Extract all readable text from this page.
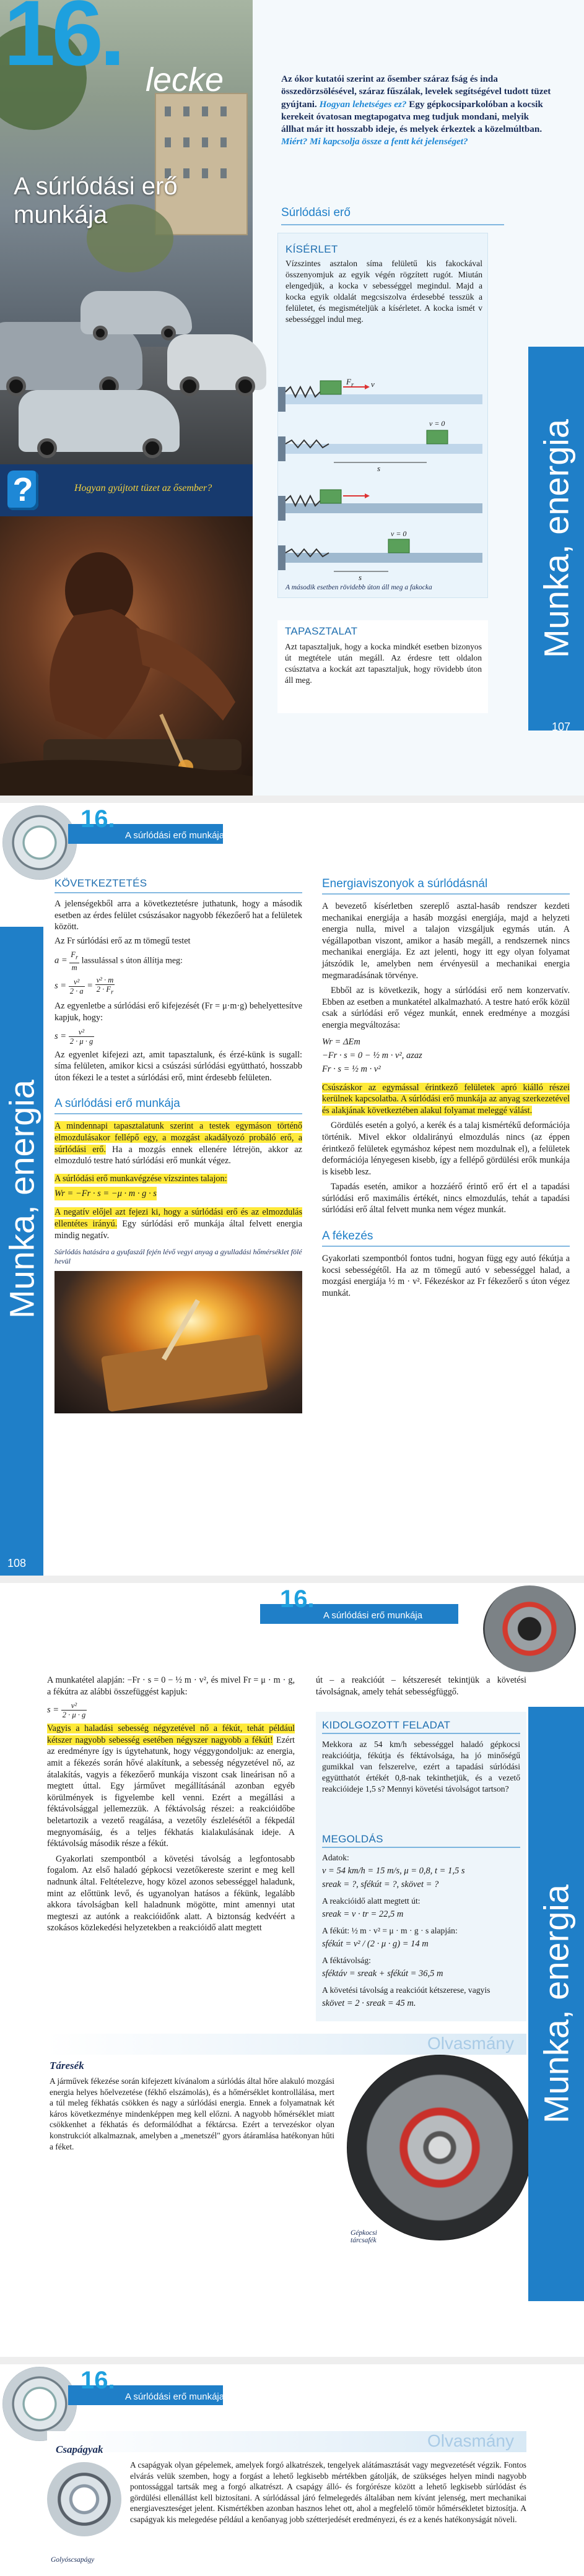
16. lecke
A súrlódási erő
munkája
?	Hogyan gyújtott tüzet az ősember?
Az ókor kutatói szerint az ősember száraz fság és inda összedörzsölésével, száraz fűszálak, levelek segítségével tudott tüzet gyújtani. Hogyan lehetséges ez? Egy gépkocsiparkolóban a kocsik kerekeit óvatosan megtapogatva meg tudjuk mondani, melyik állhat már itt hosszabb ideje, és melyek érkeztek a közelmúltban. Miért? Mi kapcsolja össze a fentt két jelenséget?
Súrlódási erő
KÍSÉRLET
Vízszintes asztalon síma felületű kis fakockával összenyomjuk az egyik végén rögzített rugót. Miután elengedjük, a kocka v sebességgel megindul. Majd a kocka egyik oldalát megcsiszolva érdesebbé tesszük a felületet, és megismételjük a kísérletet. A kocka ismét v sebességgel indul meg.
$F_r$ v
v = 0
s
v = 0
s
A második esetben rövidebb úton áll meg a fakocka
TAPASZTALAT
Azt tapasztaljuk, hogy a kocka mindkét esetben bizonyos út megtétele után megáll. Az érdesre tett oldalon csúsztatva a kockát azt tapasztaljuk, hogy rövidebb úton áll meg.
Munka, energia
107
16.
A súrlódási erő munkája
Munka, energia
108
KÖVETKEZTETÉS

A jelenségekből arra a következtetésre juthatunk, hogy a második esetben az érdes felület csúszásakor nagyobb fékezőerő hat a felületek között.

Az Fr súrlódási erő az m tömegű testet

$a = \frac{F_r}{m}$ lassulással s úton állítja meg:
$s = \frac{\text{v²}}{2 \cdot a} = \frac{\text{v² · m}}{2 \cdot F_r}$

Az egyenletbe a súrlódási erő kifejezését (Fr = μ·m·g) behelyettesítve kapjuk, hogy:

$s = \frac{\text{v²}}{2 \cdot \mu \cdot g}$

Az egyenlet kifejezi azt, amit tapasztalunk, és érzé-künk is sugall: síma felületen, amikor kicsi a csúszási súrlódási együttható, hosszabb úton fékezi le a testet a súrlódási erő, mint érdesebb felületen.

A súrlódási erő munkája

A mindennapi tapasztalatunk szerint a testek egymáson történő elmozdulásakor fellépő egy, a mozgást akadályozó probáló erő, a súrlódási erő. Ha a mozgás ennek ellenére létrejön, akkor az elmozduló testre ható súrlódási erő munkát végez.

A súrlódási erő munkavégzése vízszintes talajon:

Wr = −Fr · s = −μ · m · g · s

A negatív előjel azt fejezi ki, hogy a súrlódási erő és az elmozdulás ellentétes irányú. Egy súrlódási erő munkája által felvett energia mindig negatív.

Súrlódás hatására a gyufaszál fején lévő vegyi anyag a gyulladási hőmérséklet fölé hevül

Energiaviszonyok a súrlódásnál

A bevezető kísérletben szereplő asztal-hasáb rendszer kezdeti mechanikai energiája a hasáb mozgási energiája, majd a helyzeti energia nulla, mivel a talajon vizsgáljuk egymás után. A végállapotban viszont, amikor a hasáb megáll, a rendszernek nincs mechanikai energiája. Ez azt jelenti, hogy itt egy olyan folyamat játszódik le, amelyben nem érvényesül a mechanikai energia megmaradásának törvénye.

Ebből az is következik, hogy a súrlódási erő nem konzervatív. Ebben az esetben a munkatétel alkalmazható. A testre ható erők közül csak a súrlódási erő végez munkát, ennek eredménye a mozgási energia megváltozása:

Wr = ΔEm

−Fr · s = 0 − ½ m · v², azaz

Fr · s = ½ m · v²

Csúszáskor az egymással érintkező felületek apró kiálló részei kerülnek kapcsolatba. A súrlódási erő munkája az anyag szerkezetével és alakjának következtében alakul folyamat meleggé válást.

Gördülés esetén a golyó, a kerék és a talaj kismértékű deformációja történik. Mivel ekkor oldalirányú elmozdulás nincs (az éppen érintkező felületek egymáshoz képest nem mozdulnak el), a felületek deformációja lényegesen kisebb, így a fellépő gördülési erők munkája is kisebb lesz.

Tapadás esetén, amikor a hozzáérő érintő erő ért el a tapadási súrlódási erő maximális értékét, nincs elmozdulás, tehát a tapadási súrlódási erő által felvett munka nem végez munkát.

A fékezés

Gyakorlati szempontból fontos tudni, hogyan függ egy autó fékútja a kocsi sebességétől. Ha az m tömegű autó v sebességgel halad, a mozgási energiája ½ m · v². Fékezéskor az Fr fékezőerő s úton végez munkát.

16.
A súrlódási erő munkája

A munkatétel alapján: −Fr · s = 0 − ½ m · v², és mivel Fr = μ · m · g, a fékútra az alábbi összefüggést kapjuk:

$s = \frac{\text{v²}}{2 \cdot \mu \cdot g}$

Vagyis a haladási sebesség négyzetével nő a fékút, tehát például kétszer nagyobb sebesség esetében négyszer nagyobb a fékút! Ezért az eredményre így is úgytehatunk, hogy véggygondoljuk: az energia, amit a fékezés során hővé alakítunk, a sebesség négyzetével nő, az átalakítás, vagyis a fékezőerő munkája viszont csak lineárisan nő a megtett úttal. Egy járművet megállításánál azonban egyéb körülmények is figyelembe kell venni. Ezért a megállási a féktávolsággal jellemezzük. A féktávolság részei: a reakcióidőbe beletartozik a vezető reagálása, a vezetőly észlelésétől a fékpedál megnyomásáig, és a teljes fékhatás kialakulásának ideje. A féktávolság második része a fékút.

Gyakorlati szempontból a követési távolság a legfontosabb fogalom. Az első haladó gépkocsi vezetőkereste szerint e meg kell nadnunk által. Feltételezve, hogy közel azonos sebességgel haladunk, mint az előttünk levő, és ugyanolyan hatásos a fékünk, legalább akkora távolságban kell haladnunk mögötte, mint amennyi utat megteszi az autónk a reakcióidőnk alatt. A biztonság kedvéért a szokásos közlekedési helyzetekben a reakcióidő alatt megtett

út – a reakcióút – kétszeresét tekintjük a követési távolságnak, amely tehát sebességfüggő.

KIDOLGOZOTT FELADAT

Mekkora az 54 km/h sebességgel haladó gépkocsi reakcióútja, fékútja és féktávolsága, ha jó minőségű gumikkal van felszerelve, ezért a tapadási súrlódási együtthatót értékét 0,8-nak tekinthetjük, és a vezető reakcióideje 1,5 s? Mennyi követési távolságot tartson?

MEGOLDÁS
Adatok:
v = 54 km/h = 15 m/s, μ = 0,8, t = 1,5 s
sreak = ?, sfékút = ?, skövet = ?
A reakcióidő alatt megtett út:
sreak = v · tr = 22,5 m
A fékút: ½ m · v² = μ · m · g · s alapján:
sfékút = v² / (2 · μ · g) = 14 m
A féktávolság:
sféktáv = sreak + sfékút = 36,5 m
A követési távolság a reakcióút kétszerese, vagyis
skövet = 2 · sreak = 45 m.
Olvasmány
Táresék

A járművek fékezése során kifejezett kívánalom a súrlódás által hőre alakuló mozgási energia helyes hőelvezetése (fékhő elszámolás), és a hőmérséklet kontrollálása, mert a túl meleg fékhatás csökken és nagy a súrlódási energia. Ennek a folyamatnak két káros következménye mindenképpen meg kell előzni. A nagyobb hőmérséklet miatt csökkenhet a fékhatás és deformálódhat a féktárcsa. Ezért a tervezéskor olyan konstrukciót alkalmaznak, amelyben a „menetszél" gyors átáramlása hatékonyan hűti a féket.

Gépkocsi tárcsafék
Munka, energia
109
16.
A súrlódási erő munkája
Olvasmány
Csapágyak
Golyóscsapágy

A csapágyak olyan gépelemek, amelyek forgó alkatrészek, tengelyek alátámasztását vagy megvezetését végzik. Fontos elvárás velük szemben, hogy a forgást a lehető legkisebb mértékben gátolják, de szükséges helyen mindi nagyobb pontossággal tartsák meg a forgó alkatrészt. A csapágy álló- és forgórésze között a lehető legkisebb súrlódást és gördülési ellenállást kell biztosítani. A súrlódással járó felmelegedés általában nem kívánt jelenség, mert mechanikai energiaveszteséget jelent. Kismértékben azonban hasznos lehet ott, ahol a megfelelő tömör hőmérsékletet biztosítja. A csapágyak kis melegedése például a kenőanyag jobb szétterjedését eredményezi, és ez a kenés hatékonyságát növeli.
